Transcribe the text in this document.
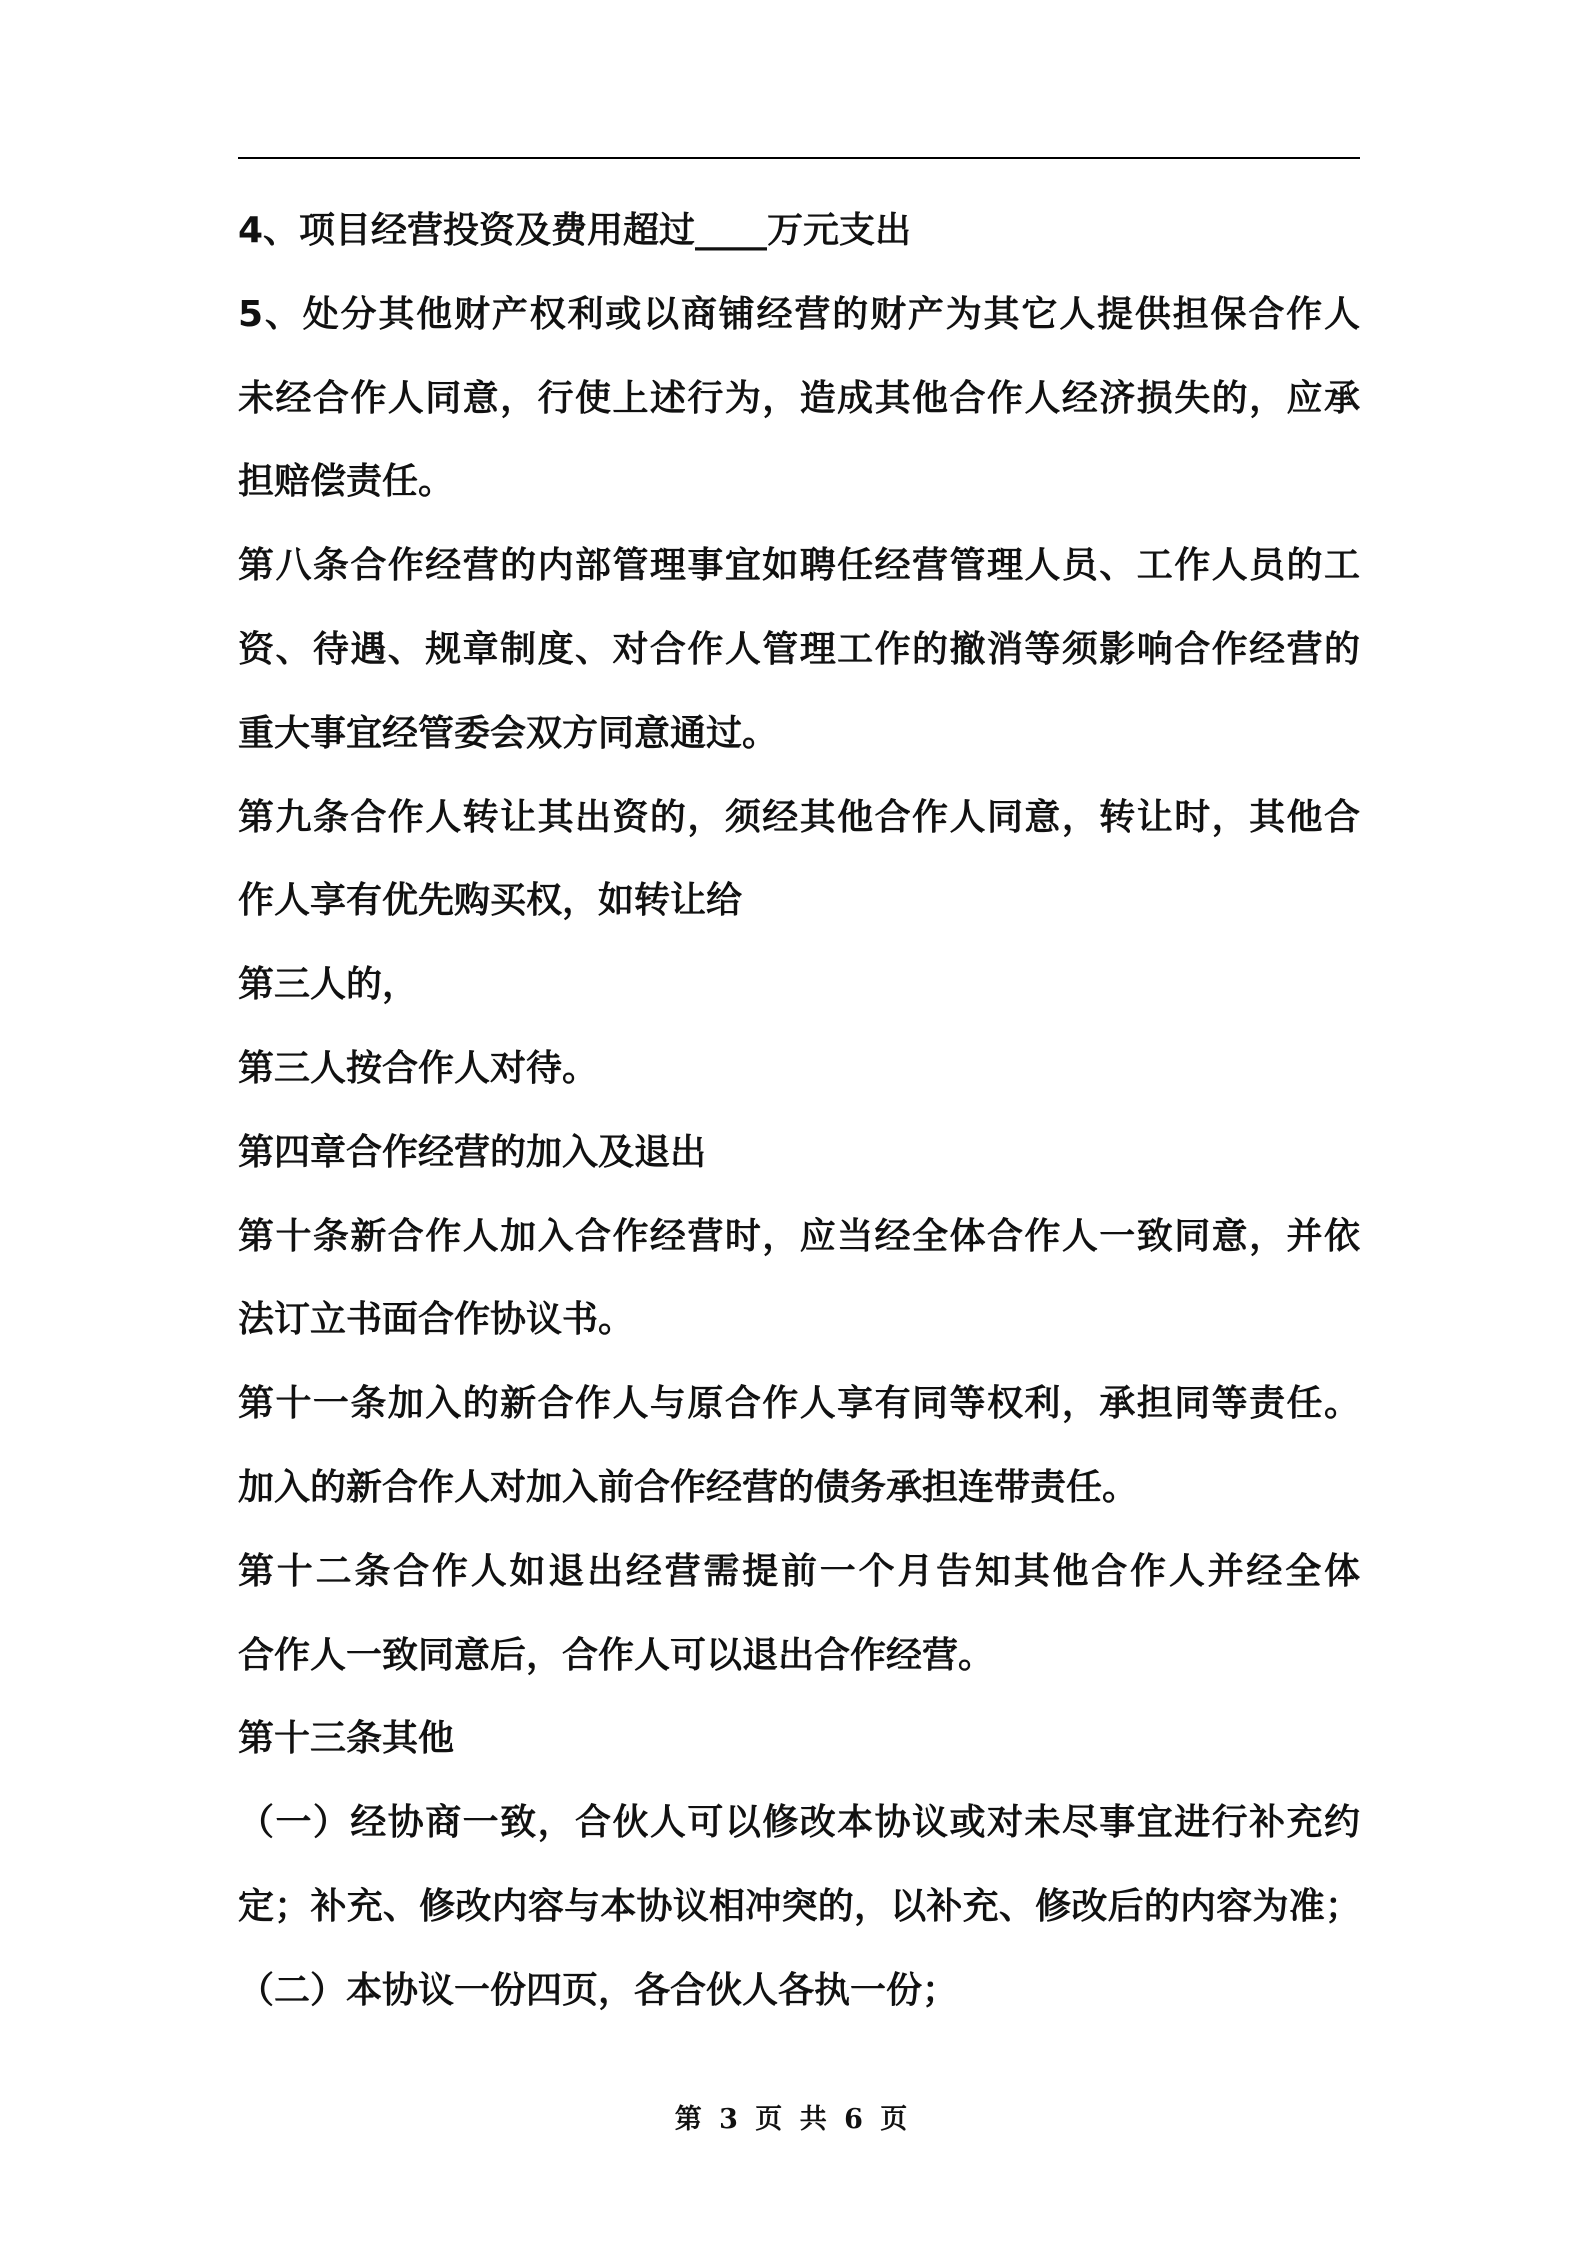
4、项目经营投资及费用超过____万元支出
5、处分其他财产权利或以商铺经营的财产为其它人提供担保合作人
未经合作人同意，行使上述行为，造成其他合作人经济损失的，应承
担赔偿责任。
第八条合作经营的内部管理事宜如聘任经营管理人员、工作人员的工
资、待遇、规章制度、对合作人管理工作的撤消等须影响合作经营的
重大事宜经管委会双方同意通过。
第九条合作人转让其出资的，须经其他合作人同意，转让时，其他合
作人享有优先购买权，如转让给
第三人的，
第三人按合作人对待。
第四章合作经营的加入及退出
第十条新合作人加入合作经营时，应当经全体合作人一致同意，并依
法订立书面合作协议书。
第十一条加入的新合作人与原合作人享有同等权利，承担同等责任。
加入的新合作人对加入前合作经营的债务承担连带责任。
第十二条合作人如退出经营需提前一个月告知其他合作人并经全体
合作人一致同意后，合作人可以退出合作经营。
第十三条其他
（一）经协商一致，合伙人可以修改本协议或对未尽事宜进行补充约
定；补充、修改内容与本协议相冲突的，以补充、修改后的内容为准；
（二）本协议一份四页，各合伙人各执一份；
第 3 页 共 6 页
